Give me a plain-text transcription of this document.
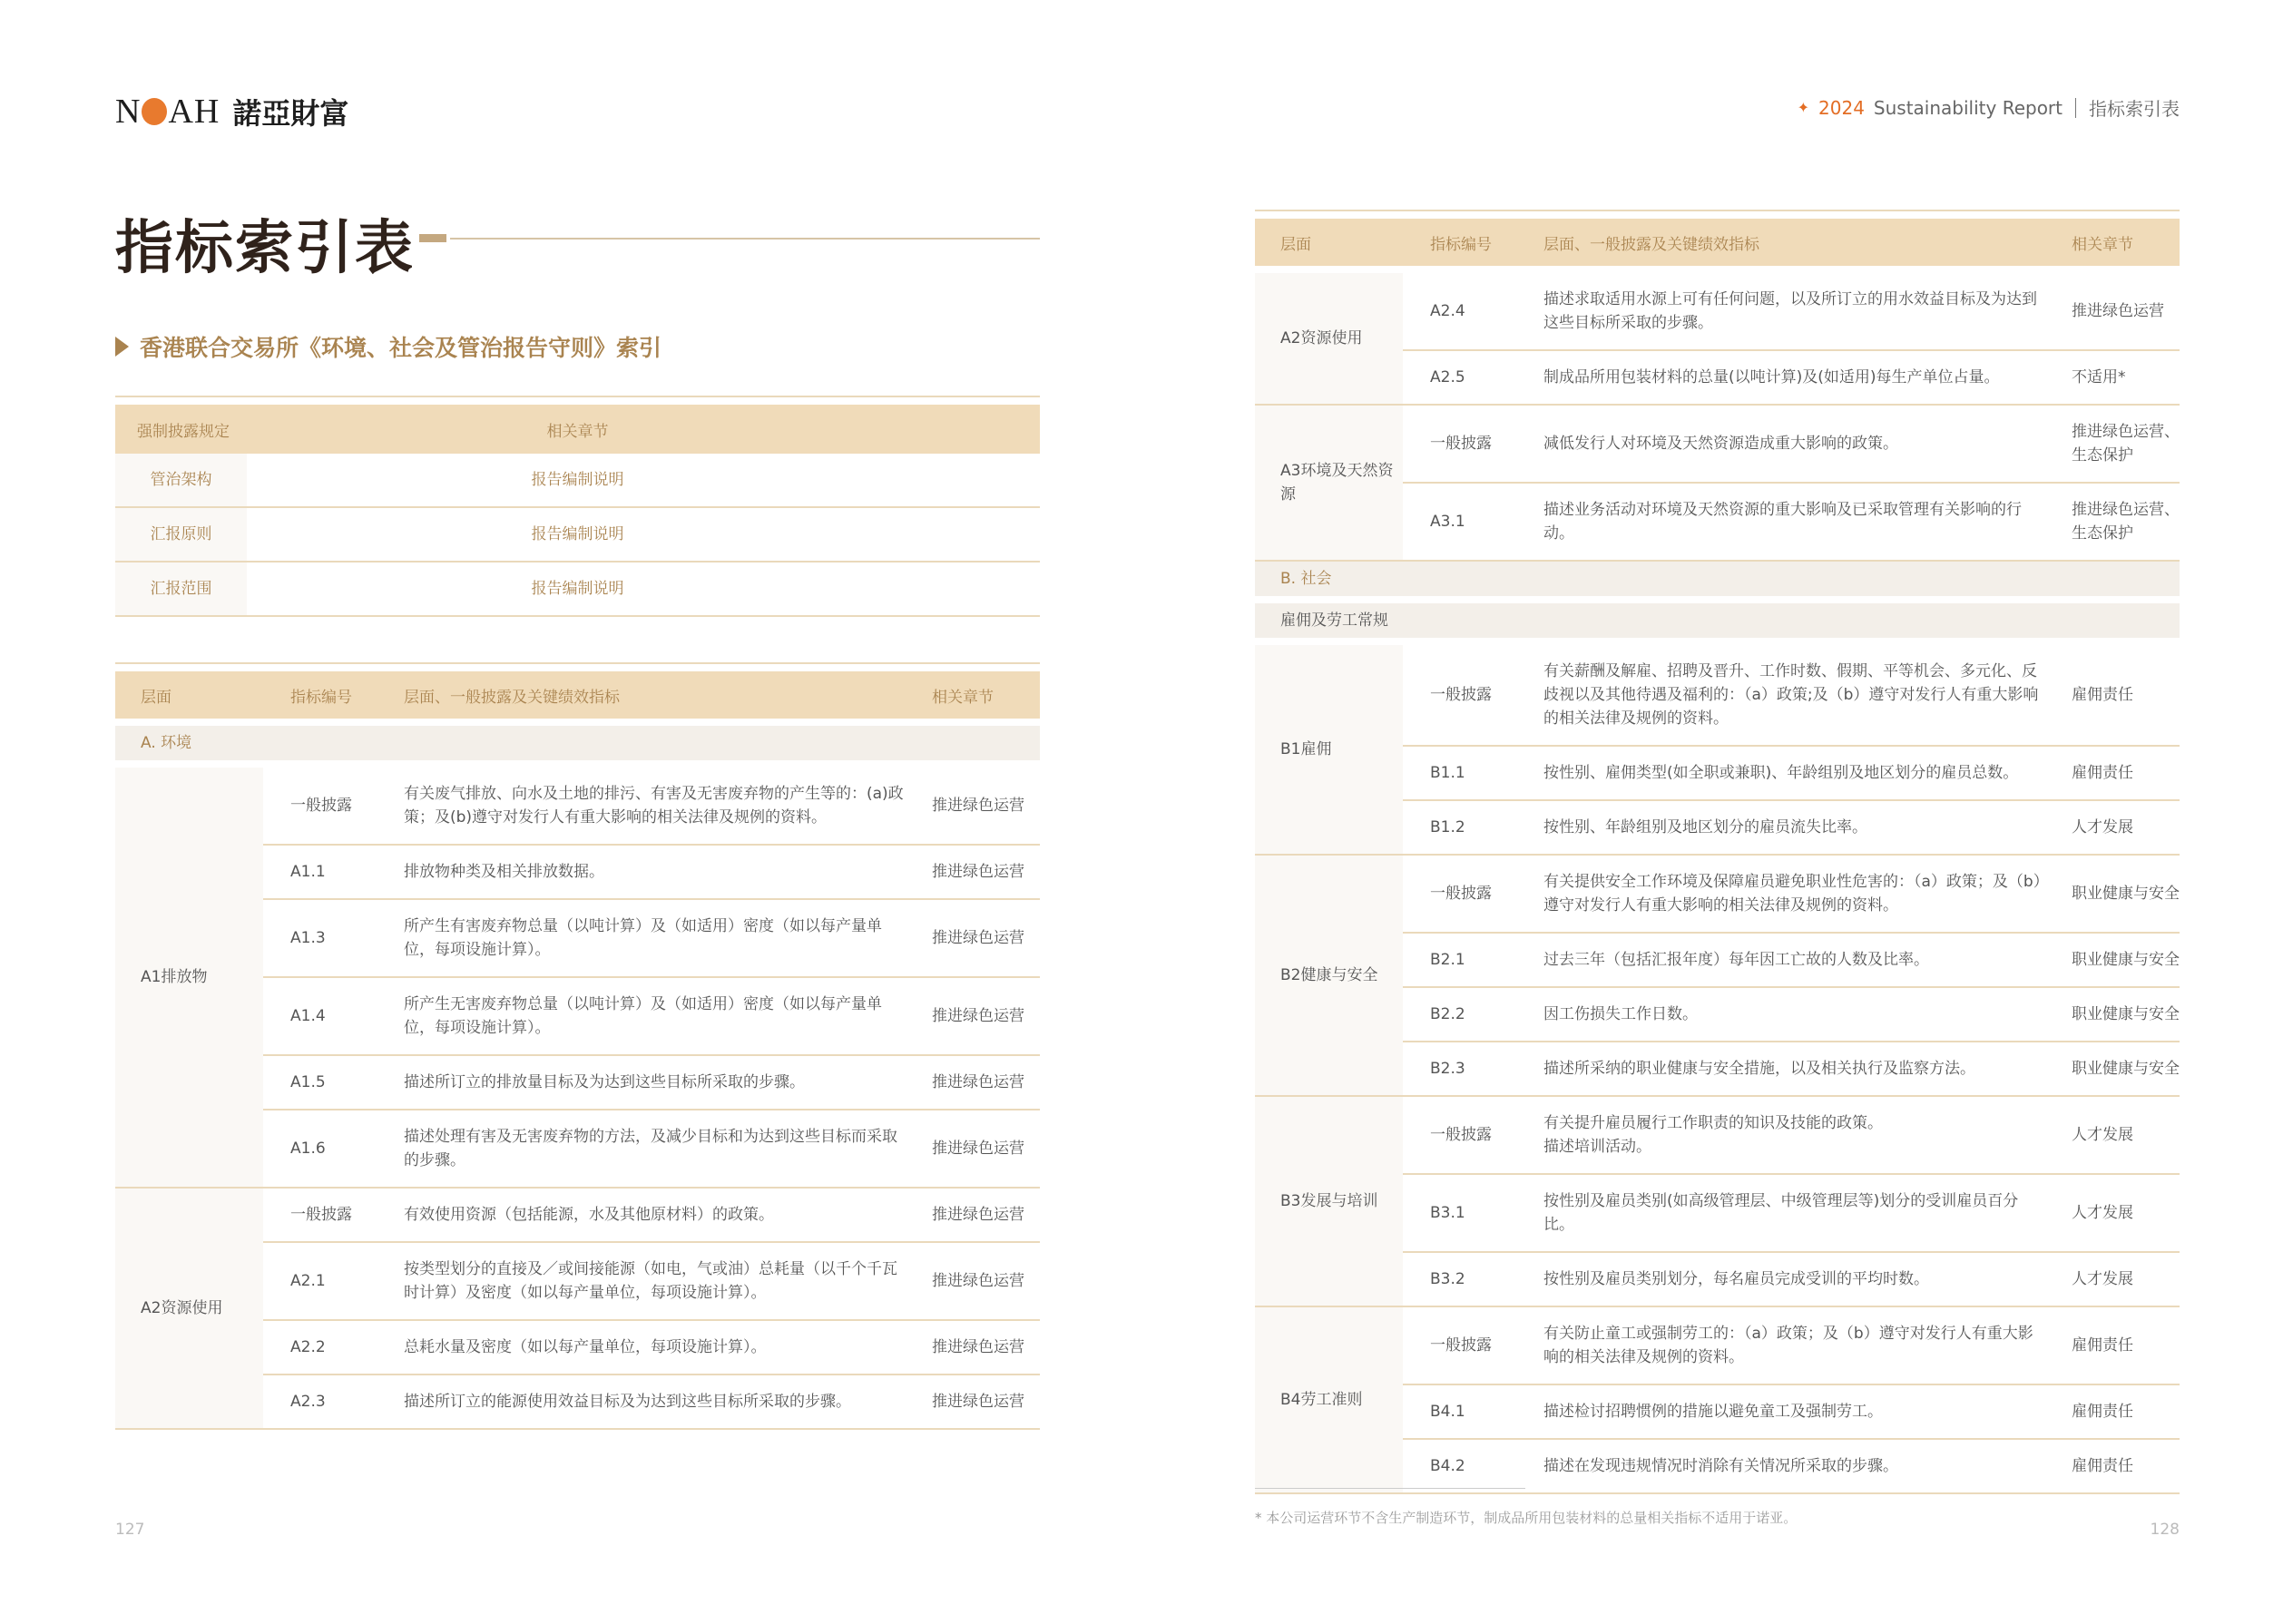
N AH 諾亞財富	✦ 2024 Sustainability Report 指标索引表
指标索引表
香港联合交易所《环境、社会及管治报告守则》索引
强制披露规定	相关章节
管治架构	报告编制说明
汇报原则	报告编制说明
汇报范围	报告编制说明
层面	指标编号	层面、一般披露及关键绩效指标	相关章节

A. 环境			

A1排放物	一般披露	有关废气排放、向水及土地的排污、有害及无害废弃物的产生等的：(a)政策；及(b)遵守对发行人有重大影响的相关法律及规例的资料。	推进绿色运营
	A1.1	排放物种类及相关排放数据。	推进绿色运营
	A1.3	所产生有害废弃物总量（以吨计算）及（如适用）密度（如以每产量单位，每项设施计算）。	推进绿色运营
	A1.4	所产生无害废弃物总量（以吨计算）及（如适用）密度（如以每产量单位，每项设施计算）。	推进绿色运营
	A1.5	描述所订立的排放量目标及为达到这些目标所采取的步骤。	推进绿色运营
	A1.6	描述处理有害及无害废弃物的方法，及减少目标和为达到这些目标而采取的步骤。	推进绿色运营
A2资源使用	一般披露	有效使用资源（包括能源，水及其他原材料）的政策。	推进绿色运营
	A2.1	按类型划分的直接及／或间接能源（如电，气或油）总耗量（以千个千瓦时计算）及密度（如以每产量单位，每项设施计算）。	推进绿色运营
	A2.2	总耗水量及密度（如以每产量单位，每项设施计算）。	推进绿色运营
	A2.3	描述所订立的能源使用效益目标及为达到这些目标所采取的步骤。	推进绿色运营
层面	指标编号	层面、一般披露及关键绩效指标	相关章节

A2资源使用	A2.4	描述求取适用水源上可有任何问题，以及所订立的用水效益目标及为达到这些目标所采取的步骤。	推进绿色运营
	A2.5	制成品所用包装材料的总量(以吨计算)及(如适用)每生产单位占量。	不适用*
A3环境及天然资源	一般披露	减低发行人对环境及天然资源造成重大影响的政策。	推进绿色运营、生态保护
	A3.1	描述业务活动对环境及天然资源的重大影响及已采取管理有关影响的行动。	推进绿色运营、生态保护
B. 社会			

雇佣及劳工常规			

B1雇佣	一般披露	有关薪酬及解雇、招聘及晋升、工作时数、假期、平等机会、多元化、反歧视以及其他待遇及福利的：（a）政策;及（b）遵守对发行人有重大影响的相关法律及规例的资料。	雇佣责任
	B1.1	按性别、雇佣类型(如全职或兼职)、年龄组别及地区划分的雇员总数。	雇佣责任
	B1.2	按性别、年龄组别及地区划分的雇员流失比率。	人才发展
B2健康与安全	一般披露	有关提供安全工作环境及保障雇员避免职业性危害的：（a）政策；及（b）遵守对发行人有重大影响的相关法律及规例的资料。	职业健康与安全
	B2.1	过去三年（包括汇报年度）每年因工亡故的人数及比率。	职业健康与安全
	B2.2	因工伤损失工作日数。	职业健康与安全
	B2.3	描述所采纳的职业健康与安全措施，以及相关执行及监察方法。	职业健康与安全
B3发展与培训	一般披露	有关提升雇员履行工作职责的知识及技能的政策。
描述培训活动。	人才发展
	B3.1	按性别及雇员类别(如高级管理层、中级管理层等)划分的受训雇员百分比。	人才发展
	B3.2	按性别及雇员类别划分，每名雇员完成受训的平均时数。	人才发展
B4劳工准则	一般披露	有关防止童工或强制劳工的：（a）政策；及（b）遵守对发行人有重大影响的相关法律及规例的资料。	雇佣责任
	B4.1	描述检讨招聘惯例的措施以避免童工及强制劳工。	雇佣责任
	B4.2	描述在发现违规情况时消除有关情况所采取的步骤。	雇佣责任
* 本公司运营环节不含生产制造环节，制成品所用包装材料的总量相关指标不适用于诺亚。
127	128
